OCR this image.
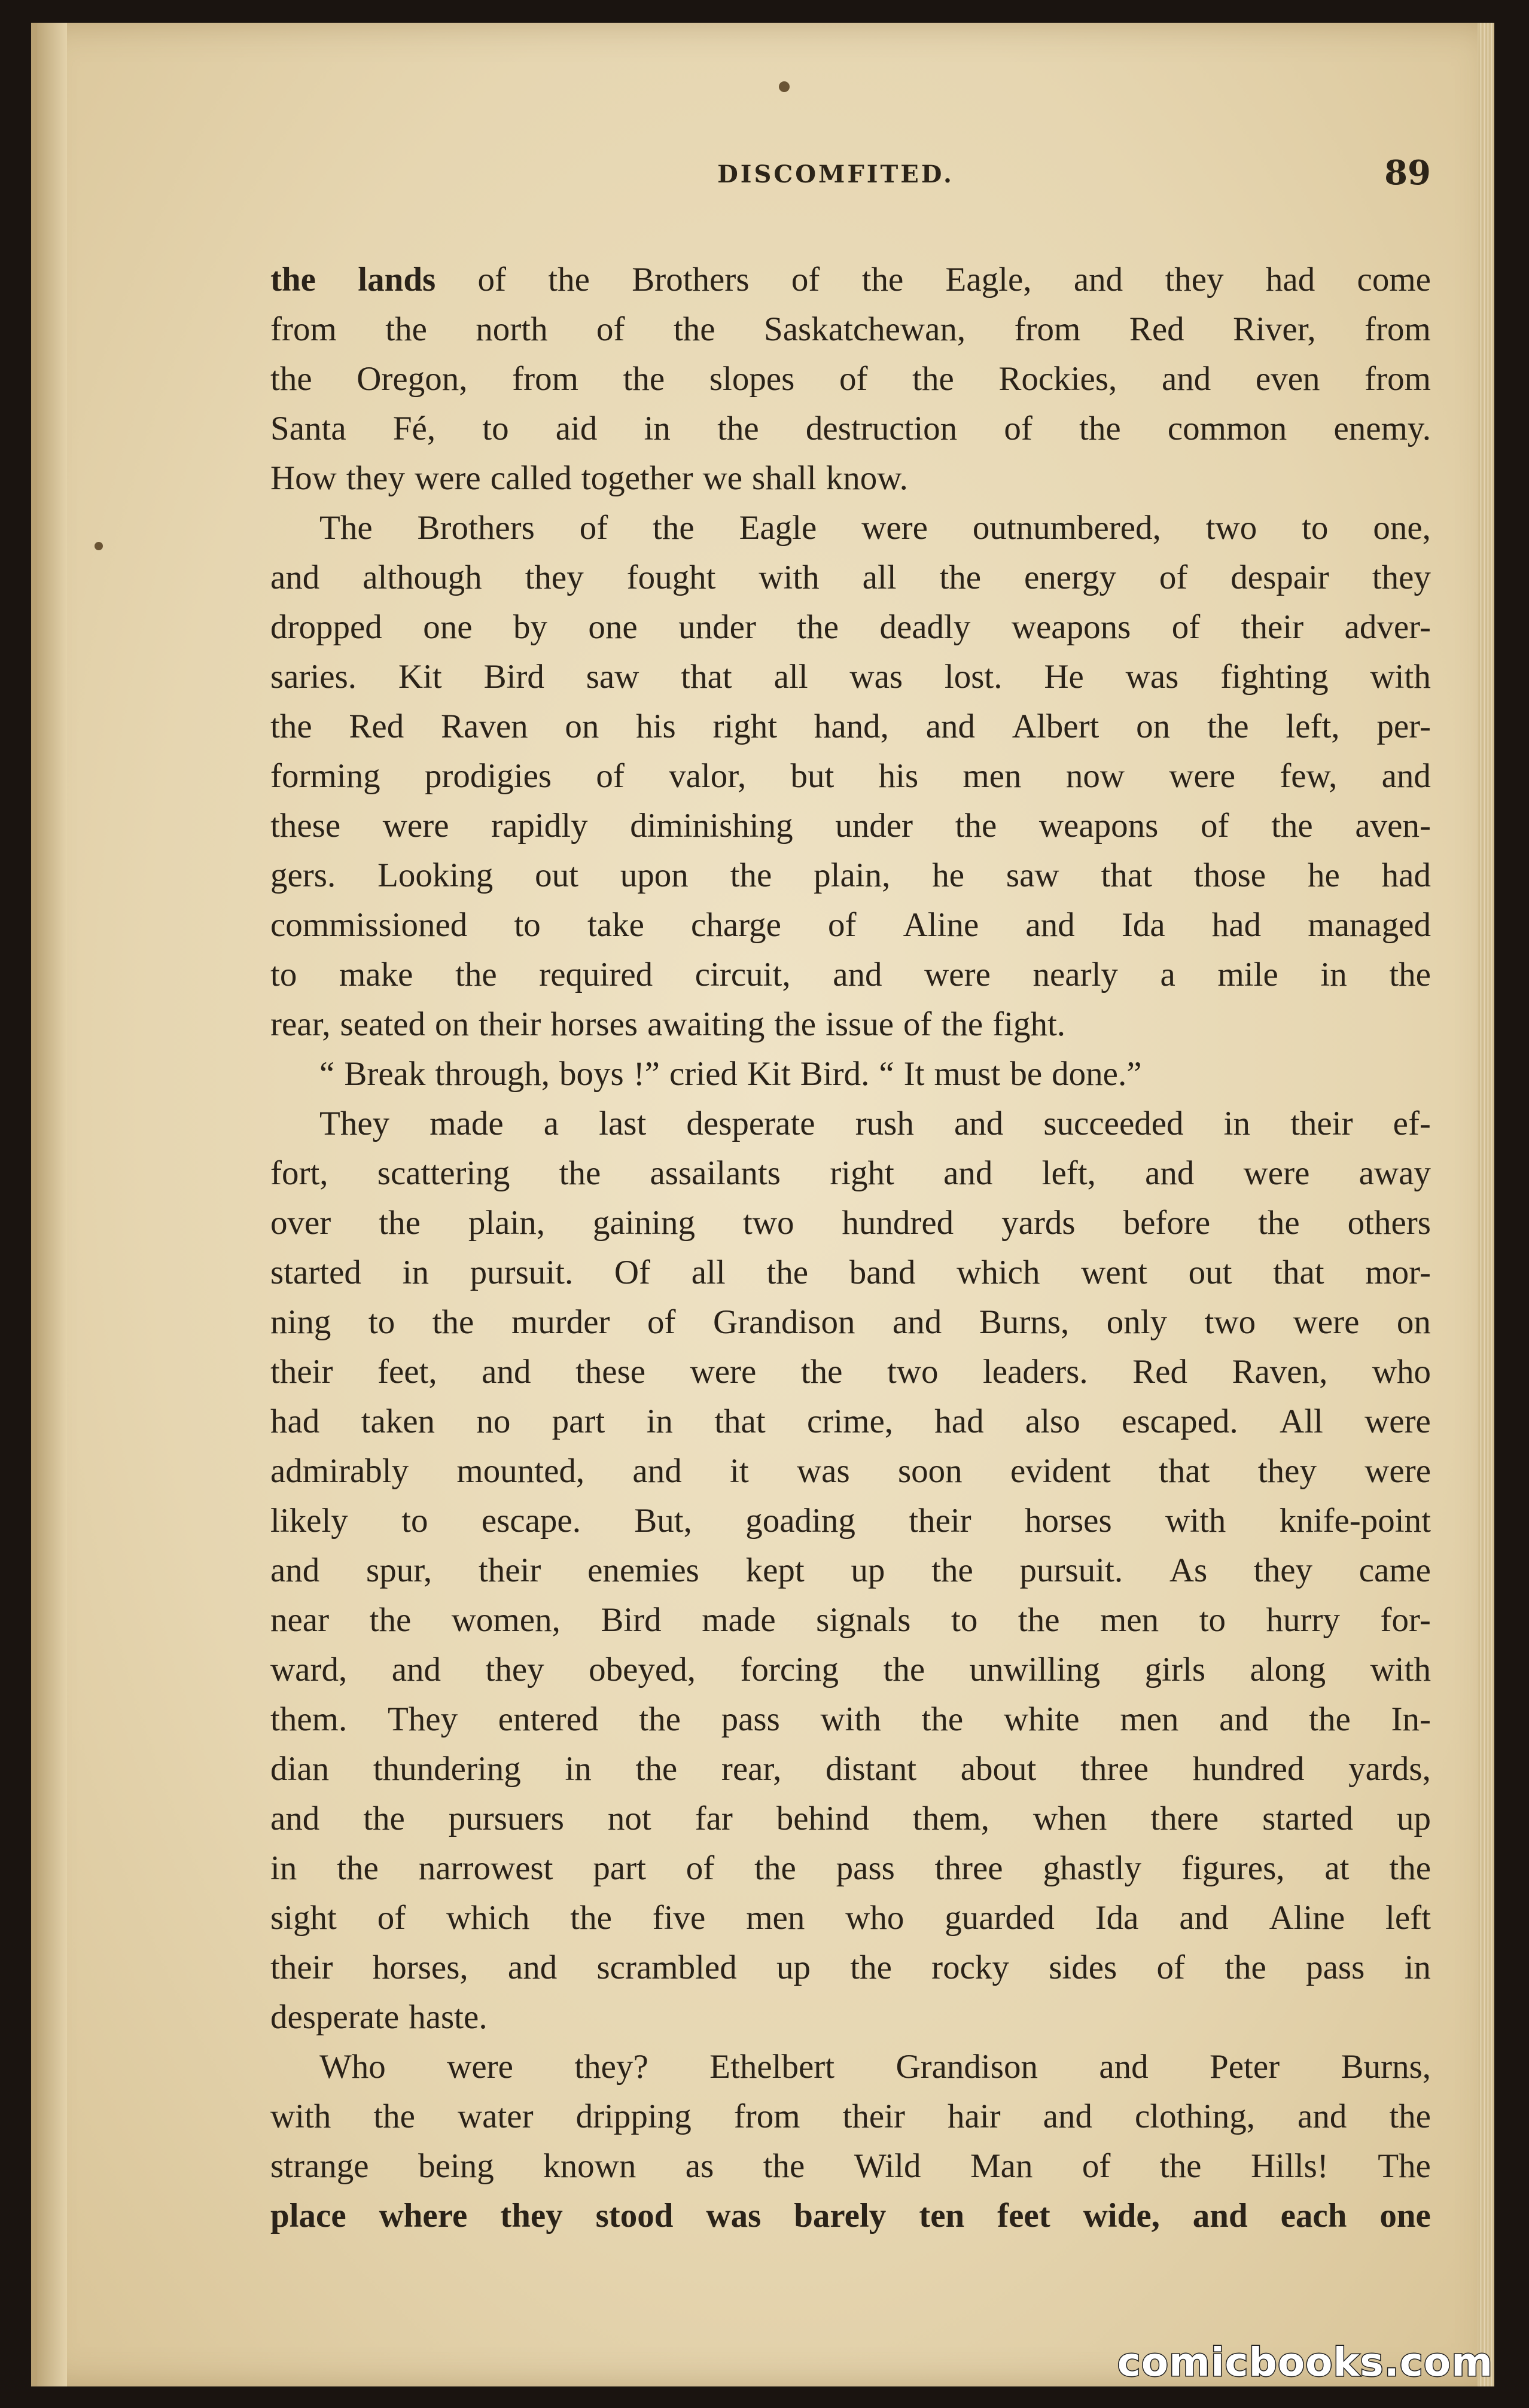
DISCOMFITED.	89
the lands of the Brothers of the Eagle, and they had come
from the north of the Saskatchewan, from Red River, from
the Oregon, from the slopes of the Rockies, and even from
Santa Fé, to aid in the destruction of the common enemy.
How they were called together we shall know.
The Brothers of the Eagle were outnumbered, two to one,
and although they fought with all the energy of despair they
dropped one by one under the deadly weapons of their adver-
saries. Kit Bird saw that all was lost. He was fighting with
the Red Raven on his right hand, and Albert on the left, per-
forming prodigies of valor, but his men now were few, and
these were rapidly diminishing under the weapons of the aven-
gers. Looking out upon the plain, he saw that those he had
commissioned to take charge of Aline and Ida had managed
to make the required circuit, and were nearly a mile in the
rear, seated on their horses awaiting the issue of the fight.
“ Break through, boys !” cried Kit Bird. “ It must be done.”
They made a last desperate rush and succeeded in their ef-
fort, scattering the assailants right and left, and were away
over the plain, gaining two hundred yards before the others
started in pursuit. Of all the band which went out that mor-
ning to the murder of Grandison and Burns, only two were on
their feet, and these were the two leaders. Red Raven, who
had taken no part in that crime, had also escaped. All were
admirably mounted, and it was soon evident that they were
likely to escape. But, goading their horses with knife-point
and spur, their enemies kept up the pursuit. As they came
near the women, Bird made signals to the men to hurry for-
ward, and they obeyed, forcing the unwilling girls along with
them. They entered the pass with the white men and the In-
dian thundering in the rear, distant about three hundred yards,
and the pursuers not far behind them, when there started up
in the narrowest part of the pass three ghastly figures, at the
sight of which the five men who guarded Ida and Aline left
their horses, and scrambled up the rocky sides of the pass in
desperate haste.
Who were they? Ethelbert Grandison and Peter Burns,
with the water dripping from their hair and clothing, and the
strange being known as the Wild Man of the Hills! The
place where they stood was barely ten feet wide, and each one
comicbooks.com
